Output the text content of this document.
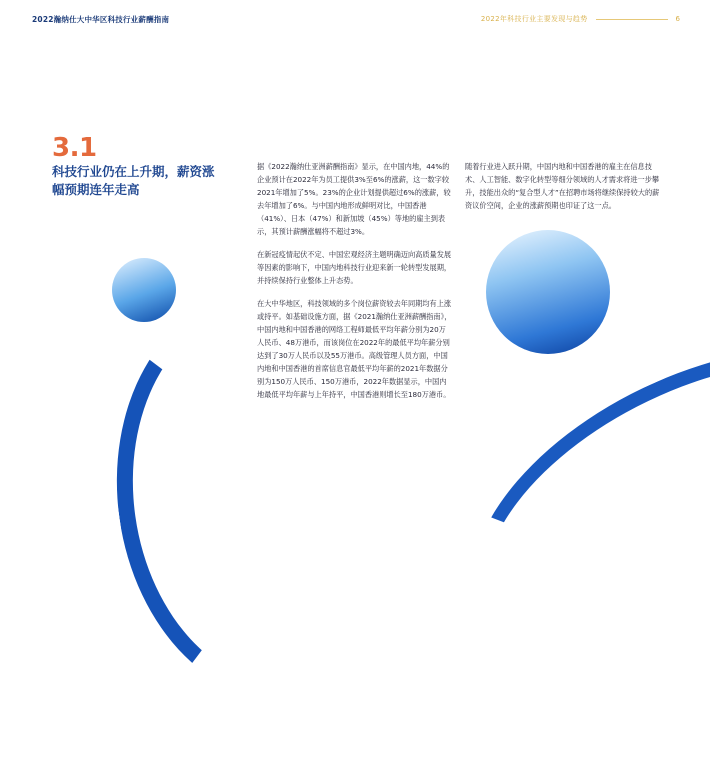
2022瀚纳仕大中华区科技行业薪酬指南	2022年科技行业主要发现与趋势	6
3.1
科技行业仍在上升期，薪资涨幅预期连年走高

据《2022瀚纳仕亚洲薪酬指南》显示，在中国内地，44%的企业预计在2022年为员工提供3%至6%的涨薪，这一数字较2021年增加了5%。23%的企业计划提供超过6%的涨薪，较去年增加了6%。与中国内地形成鲜明对比，中国香港（41%）、日本（47%）和新加坡（45%）等地的雇主到表示，其预计薪酬涨幅将不超过3%。

在新冠疫情起伏不定、中国宏观经济主题明确迈向高质量发展等因素的影响下，中国内地科技行业迎来新一轮转型发展期，并持续保持行业整体上升态势。

在大中华地区，科技领域的多个岗位薪资较去年同期均有上涨或持平。如基础设施方面，据《2021瀚纳仕亚洲薪酬指南》，中国内地和中国香港的网络工程师最低平均年薪分别为20万人民币、48万港币，而该岗位在2022年的最低平均年薪分别达到了30万人民币以及55万港币。高级管理人员方面，中国内地和中国香港的首席信息官最低平均年薪的2021年数据分别为150万人民币、150万港币，2022年数据显示，中国内地最低平均年薪与上年持平，中国香港则增长至180万港币。

随着行业进入跃升期，中国内地和中国香港的雇主在信息技术、人工智能、数字化转型等细分领域的人才需求将进一步攀升，技能出众的“复合型人才”在招聘市场将继续保持较大的薪资议价空间，企业的涨薪预期也印证了这一点。
